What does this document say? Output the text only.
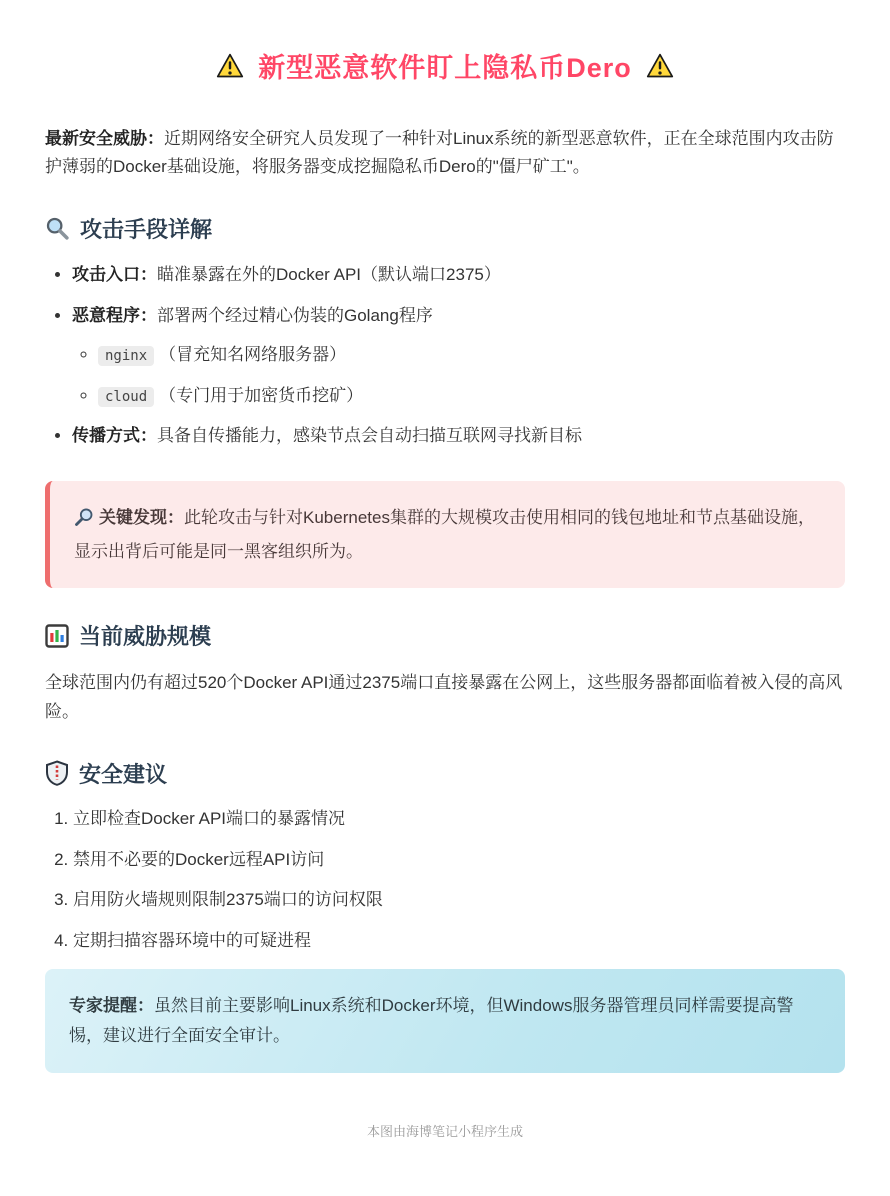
新型恶意软件盯上隐私币Dero

最新安全威胁：近期网络安全研究人员发现了一种针对Linux系统的新型恶意软件，正在全球范围内攻击防护薄弱的Docker基础设施，将服务器变成挖掘隐私币Dero的"僵尸矿工"。

攻击手段详解
• 攻击入口：瞄准暴露在外的Docker API（默认端口2375）
• 恶意程序：部署两个经过精心伪装的Golang程序
◦ nginx （冒充知名网络服务器）
◦ cloud （专门用于加密货币挖矿）
• 传播方式：具备自传播能力，感染节点会自动扫描互联网寻找新目标
关键发现：此轮攻击与针对Kubernetes集群的大规模攻击使用相同的钱包地址和节点基础设施，显示出背后可能是同一黑客组织所为。
当前威胁规模

全球范围内仍有超过520个Docker API通过2375端口直接暴露在公网上，这些服务器都面临着被入侵的高风险。

安全建议
1. 立即检查Docker API端口的暴露情况
2. 禁用不必要的Docker远程API访问
3. 启用防火墙规则限制2375端口的访问权限
4. 定期扫描容器环境中的可疑进程
专家提醒：虽然目前主要影响Linux系统和Docker环境，但Windows服务器管理员同样需要提高警惕，建议进行全面安全审计。
本图由海博笔记小程序生成
